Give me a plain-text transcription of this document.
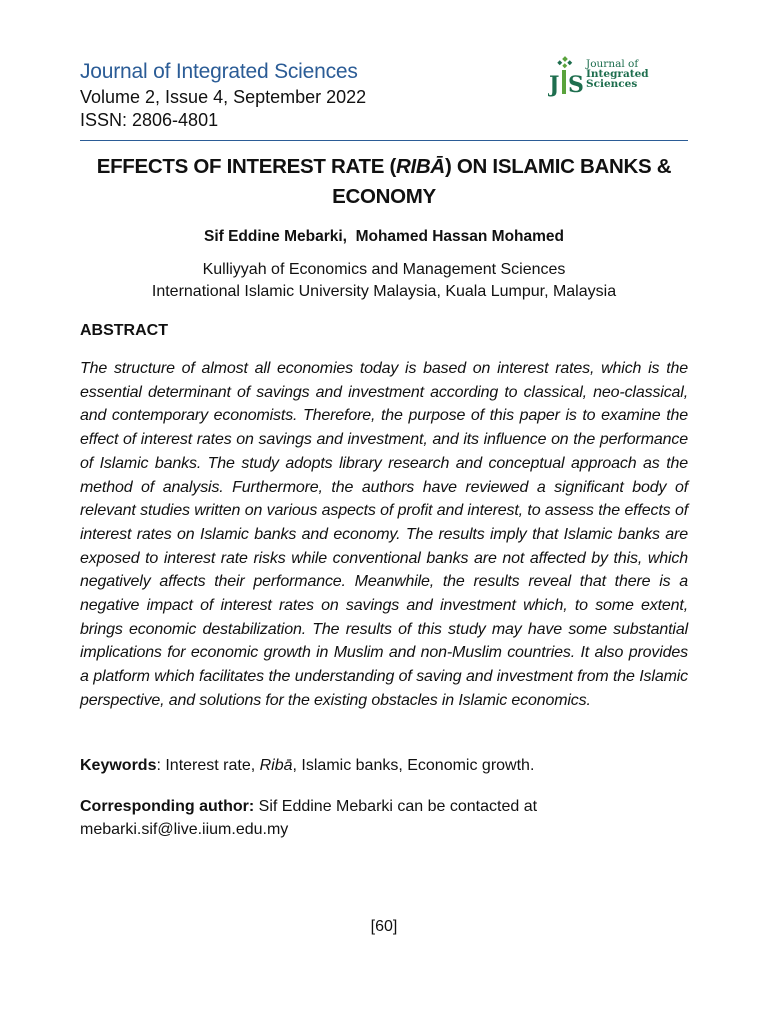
Journal of Integrated Sciences
Volume 2, Issue 4, September 2022
ISSN: 2806-4801
J S
Journal of
Integrated
Sciences
EFFECTS OF INTEREST RATE (RIBĀ) ON ISLAMIC BANKS & ECONOMY
Sif Eddine Mebarki,  Mohamed Hassan Mohamed
Kulliyyah of Economics and Management Sciences
International Islamic University Malaysia, Kuala Lumpur, Malaysia
ABSTRACT
The structure of almost all economies today is based on interest rates, which is the essential determinant of savings and investment according to classical, neo-classical, and contemporary economists. Therefore, the purpose of this paper is to examine the effect of interest rates on savings and investment, and its influence on the performance of Islamic banks. The study adopts library research and conceptual approach as the method of analysis. Furthermore, the authors have reviewed a significant body of relevant studies written on various aspects of profit and interest, to assess the effects of interest rates on Islamic banks and economy. The results imply that Islamic banks are exposed to interest rate risks while conventional banks are not affected by this, which negatively affects their performance. Meanwhile, the results reveal that there is a negative impact of interest rates on savings and investment which, to some extent, brings economic destabilization. The results of this study may have some substantial implications for economic growth in Muslim and non-Muslim countries. It also provides a platform which facilitates the understanding of saving and investment from the Islamic perspective, and solutions for the existing obstacles in Islamic economics.
Keywords: Interest rate, Ribā, Islamic banks, Economic growth.
Corresponding author: Sif Eddine Mebarki can be contacted at
mebarki.sif@live.iium.edu.my
[60]
